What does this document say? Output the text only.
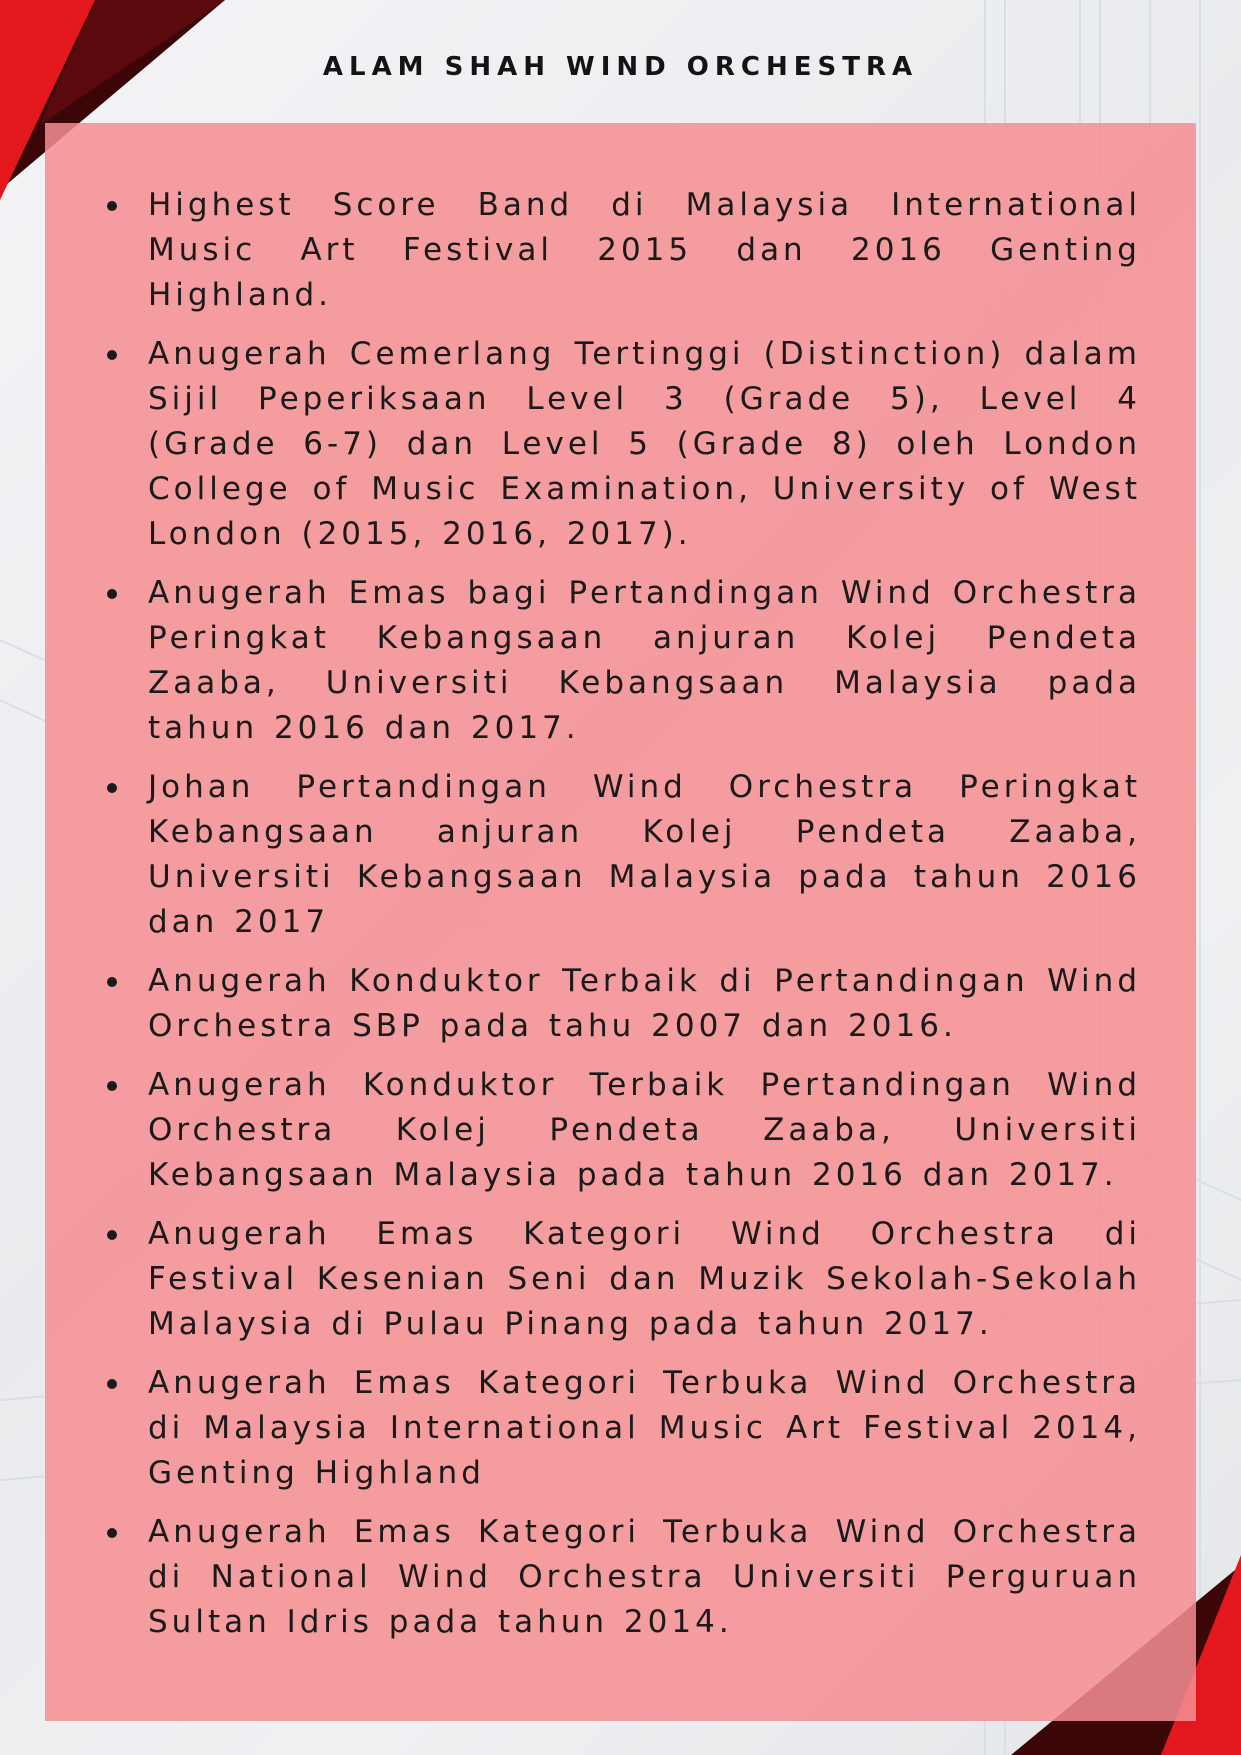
ALAM SHAH WIND ORCHESTRA
Highest Score Band di Malaysia International Music Art Festival 2015 dan 2016 Genting Highland.
Anugerah Cemerlang Tertinggi (Distinction) dalam Sijil Peperiksaan Level 3 (Grade 5), Level 4 (Grade 6-7) dan Level 5 (Grade 8) oleh London College of Music Examination, University of West London (2015, 2016, 2017).
Anugerah Emas bagi Pertandingan Wind Orchestra Peringkat Kebangsaan anjuran Kolej Pendeta Zaaba, Universiti Kebangsaan Malaysia pada tahun 2016 dan 2017.
Johan Pertandingan Wind Orchestra Peringkat Kebangsaan anjuran Kolej Pendeta Zaaba, Universiti Kebangsaan Malaysia pada tahun 2016 dan 2017
Anugerah Konduktor Terbaik di Pertandingan Wind Orchestra SBP pada tahu 2007 dan 2016.
Anugerah Konduktor Terbaik Pertandingan Wind Orchestra Kolej Pendeta Zaaba, Universiti Kebangsaan Malaysia pada tahun 2016 dan 2017.
Anugerah Emas Kategori Wind Orchestra di Festival Kesenian Seni dan Muzik Sekolah-Sekolah Malaysia di Pulau Pinang pada tahun 2017.
Anugerah Emas Kategori Terbuka Wind Orchestra di Malaysia International Music Art Festival 2014, Genting Highland
Anugerah Emas Kategori Terbuka Wind Orchestra di National Wind Orchestra Universiti Perguruan Sultan Idris pada tahun 2014.
